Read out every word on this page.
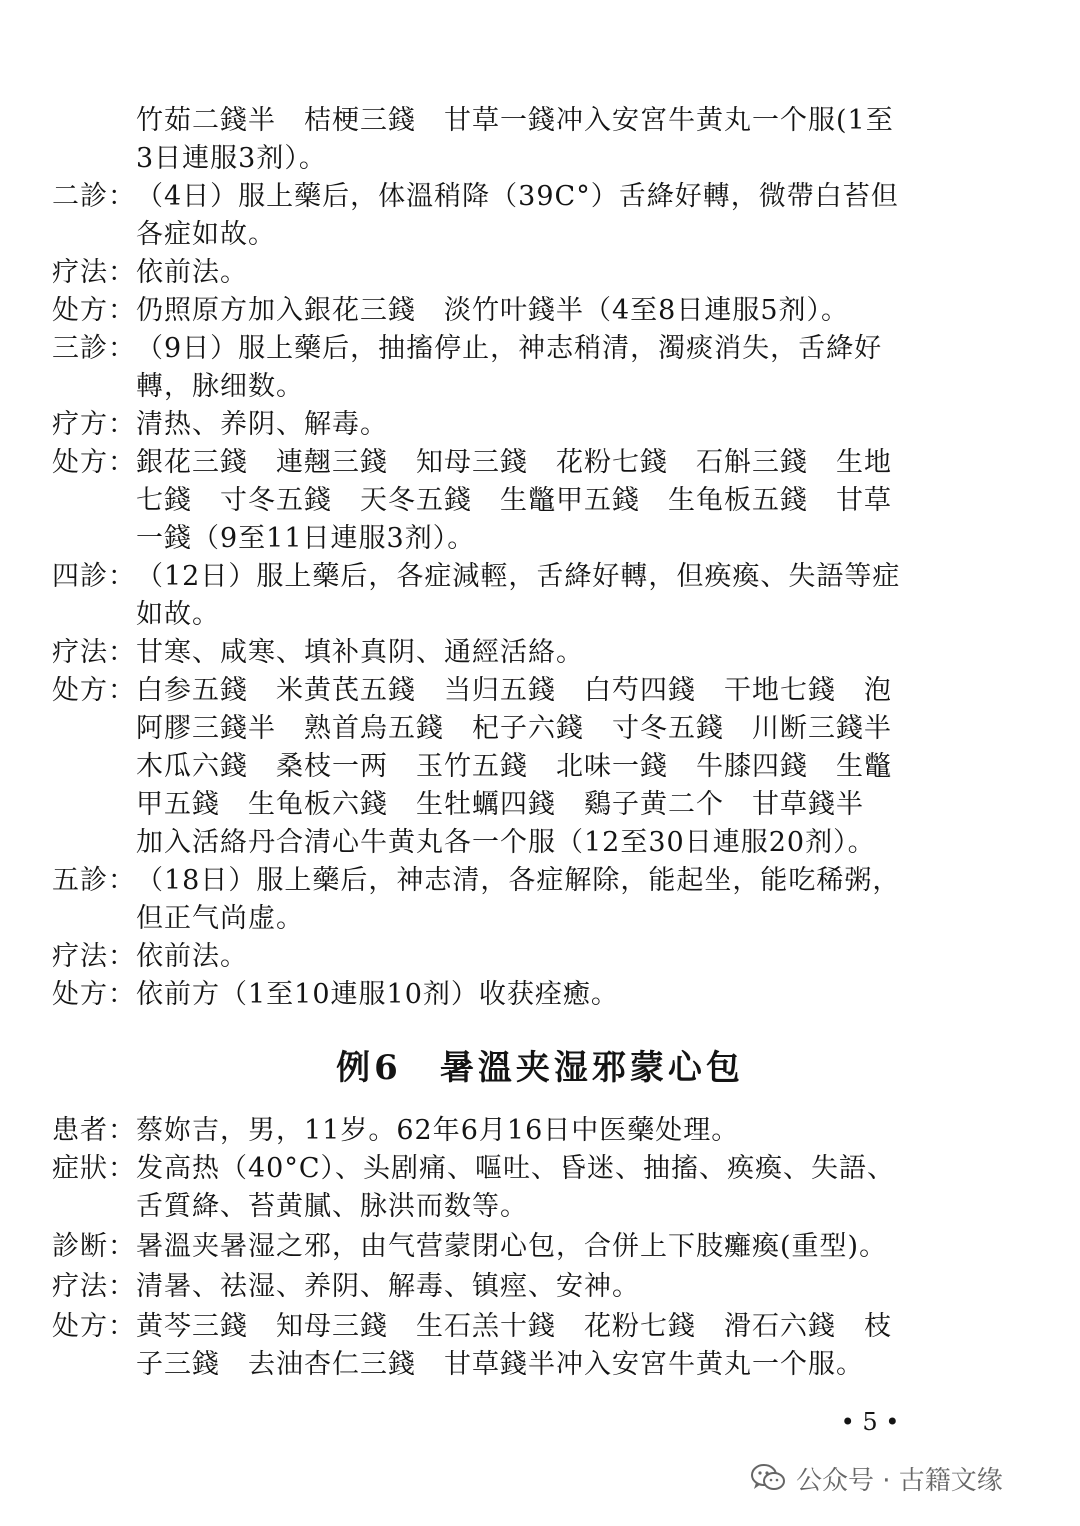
竹茹二錢半　桔梗三錢　甘草一錢冲入安宮牛黄丸一个服(1至
3日連服3剂）。
二診： （4日）服上藥后，体溫稍降（39C°）舌絳好轉，微帶白苔但
各症如故。
疗法： 依前法。
处方： 仍照原方加入銀花三錢　淡竹叶錢半（4至8日連服5剂）。
三診： （9日）服上藥后，抽搐停止，神志稍清，濁痰消失，舌絳好
轉，脉细数。
疗方： 清热、养阴、解毒。
处方： 銀花三錢　連翹三錢　知母三錢　花粉七錢　石斛三錢　生地
七錢　寸冬五錢　天冬五錢　生鼈甲五錢　生龟板五錢　甘草
一錢（9至11日連服3剂）。
四診： （12日）服上藥后，各症減輕，舌絳好轉，但痪瘓、失語等症
如故。
疗法： 甘寒、咸寒、填补真阴、通經活絡。
处方： 白参五錢　米黄芪五錢　当归五錢　白芍四錢　干地七錢　泡
阿膠三錢半　熟首烏五錢　杞子六錢　寸冬五錢　川断三錢半
木瓜六錢　桑枝一两　玉竹五錢　北味一錢　牛膝四錢　生鼈
甲五錢　生龟板六錢　生牡蠣四錢　鷄子黄二个　甘草錢半
加入活絡丹合清心牛黄丸各一个服（12至30日連服20剂）。
五診： （18日）服上藥后，神志清，各症解除，能起坐，能吃稀粥，
但正气尚虚。
疗法： 依前法。
处方： 依前方（1至10連服10剂）收获痊癒。
例6　暑溫夹湿邪蒙心包
患者： 蔡妳吉，男，11岁。62年6月16日中医藥处理。
症狀： 发高热（40°C）、头剧痛、嘔吐、昏迷、抽搐、痪瘓、失語、
舌質絳、苔黄膩、脉洪而数等。
診断： 暑溫夹暑湿之邪，由气营蒙閉心包，合併上下肢癱瘓(重型)。
疗法： 清暑、祛湿、养阴、解毒、镇痙、安神。
处方： 黄芩三錢　知母三錢　生石羔十錢　花粉七錢　滑石六錢　枝
子三錢　去油杏仁三錢　甘草錢半冲入安宮牛黄丸一个服。
• 5 •
公众号 · 古籍文缘
